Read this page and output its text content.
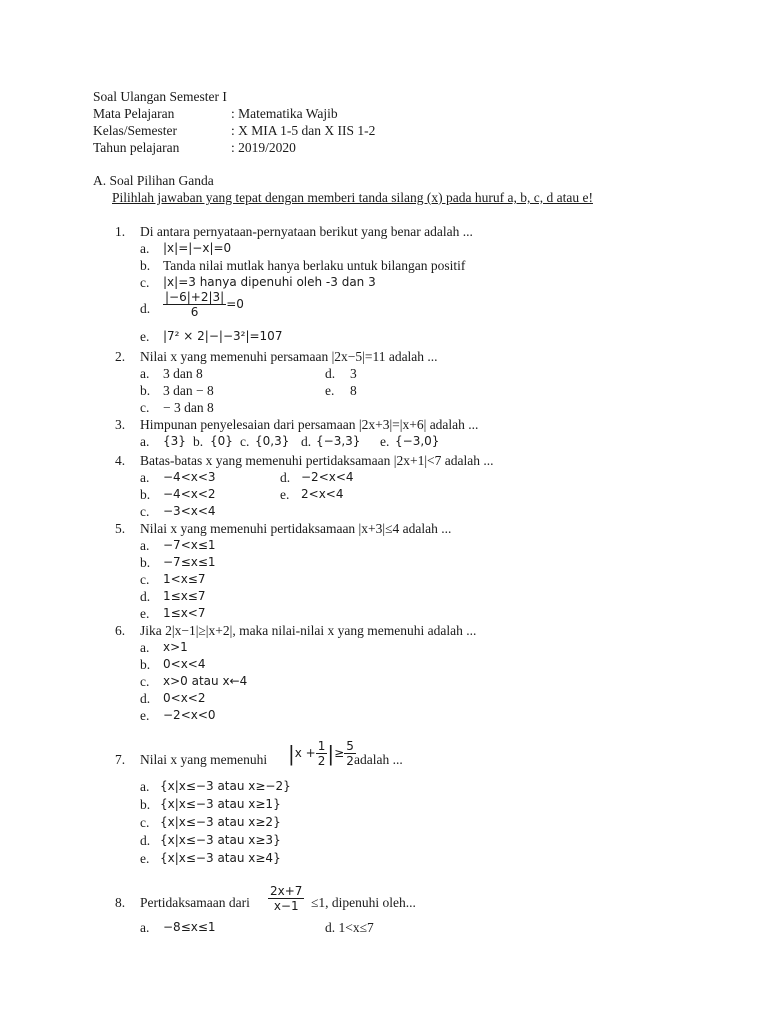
Soal Ulangan Semester I
Mata Pelajaran	: Matematika Wajib
Kelas/Semester	: X MIA 1-5 dan X IIS 1-2
Tahun pelajaran	: 2019/2020
A. Soal Pilihan Ganda
Pilihlah jawaban yang tepat dengan memberi tanda silang (x) pada huruf a, b, c, d atau e!
1. Di antara pernyataan-pernyataan berikut yang benar adalah ...
a. |x|=|−x|=0
b. Tanda nilai mutlak hanya berlaku untuk bilangan positif
c. |x|=3 hanya dipenuhi oleh -3 dan 3
d. $\frac{|-6|+2|3|}{6} =0$
e. |7² × 2|−|−3²|=107
2. Nilai x yang memenuhi persamaan |2x−5|=11 adalah ...
a. 3 dan 8	d. 3
b. 3 dan − 8	e. 8
c. − 3 dan 8
3. Himpunan penyelesaian dari persamaan |2x+3|=|x+6| adalah ...
a. {3} b. {0} c. {0,3} d. {−3,3} e. {−3,0}
4. Batas-batas x yang memenuhi pertidaksamaan |2x+1|<7 adalah ...
a. −4<x<3	d. −2<x<4
b. −4<x<2	e. 2<x<4
c. −3<x<4
5. Nilai x yang memenuhi pertidaksamaan |x+3|≤4 adalah ...
a. −7<x≤1
b. −7≤x≤1
c. 1<x≤7
d. 1≤x≤7
e. 1≤x<7
6. Jika 2|x−1|≥|x+2|, maka nilai-nilai x yang memenuhi adalah ...
a. x>1
b. 0<x<4
c. x>0 atau x←4
d. 0<x<2
e. −2<x<0
7. Nilai x yang memenuhi $|x + \frac{1}{2}$ |≥ $\frac{5}{2}$
adalah ...
a. {x|x≤−3 atau x≥−2}
b. {x|x≤−3 atau x≥1}
c. {x|x≤−3 atau x≥2}
d. {x|x≤−3 atau x≥3}
e. {x|x≤−3 atau x≥4}
8. Pertidaksamaan dari $\frac{2x+7}{x-1} \le 1$, dipenuhi oleh...
a. −8≤x≤1	d. 1<x≤7
